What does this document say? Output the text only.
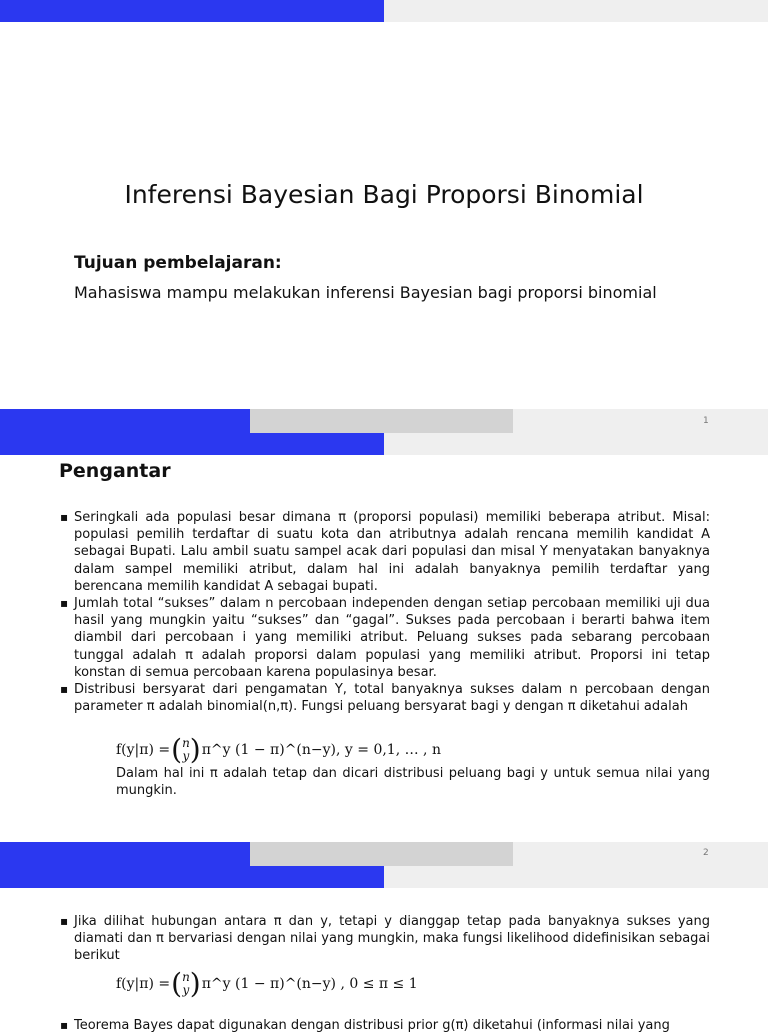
Inferensi Bayesian Bagi Proporsi Binomial
Tujuan pembelajaran:
Mahasiswa mampu melakukan inferensi Bayesian bagi proporsi binomial
1
Pengantar
▪ Seringkali ada populasi besar dimana π (proporsi populasi) memiliki beberapa atribut. Misal: populasi pemilih terdaftar di suatu kota dan atributnya adalah rencana memilih kandidat A sebagai Bupati. Lalu ambil suatu sampel acak dari populasi dan misal Y menyatakan banyaknya dalam sampel memiliki atribut, dalam hal ini adalah banyaknya pemilih terdaftar yang berencana memilih kandidat A sebagai bupati.
▪ Jumlah total “sukses” dalam n percobaan independen dengan setiap percobaan memiliki uji dua hasil yang mungkin yaitu “sukses” dan “gagal”. Sukses pada percobaan i berarti bahwa item diambil dari percobaan i yang memiliki atribut. Peluang sukses pada sebarang percobaan tunggal adalah π adalah proporsi dalam populasi yang memiliki atribut. Proporsi ini tetap konstan di semua percobaan karena populasinya besar.
▪ Distribusi bersyarat dari pengamatan Y, total banyaknya sukses dalam n percobaan dengan parameter π adalah binomial(n,π). Fungsi peluang bersyarat bagi y dengan π diketahui adalah
f(y|π) = ( n
y ) π^y (1 − π)^(n−y), y = 0,1, … , n
Dalam hal ini π adalah tetap dan dicari distribusi peluang bagi y untuk semua nilai yang mungkin.
2
▪ Jika dilihat hubungan antara π dan y, tetapi y dianggap tetap pada banyaknya sukses yang diamati dan π bervariasi dengan nilai yang mungkin, maka fungsi likelihood didefinisikan sebagai berikut
f(y|π) = ( n
y ) π^y (1 − π)^(n−y) , 0 ≤ π ≤ 1
▪ Teorema Bayes dapat digunakan dengan distribusi prior g(π) diketahui (informasi nilai yang
